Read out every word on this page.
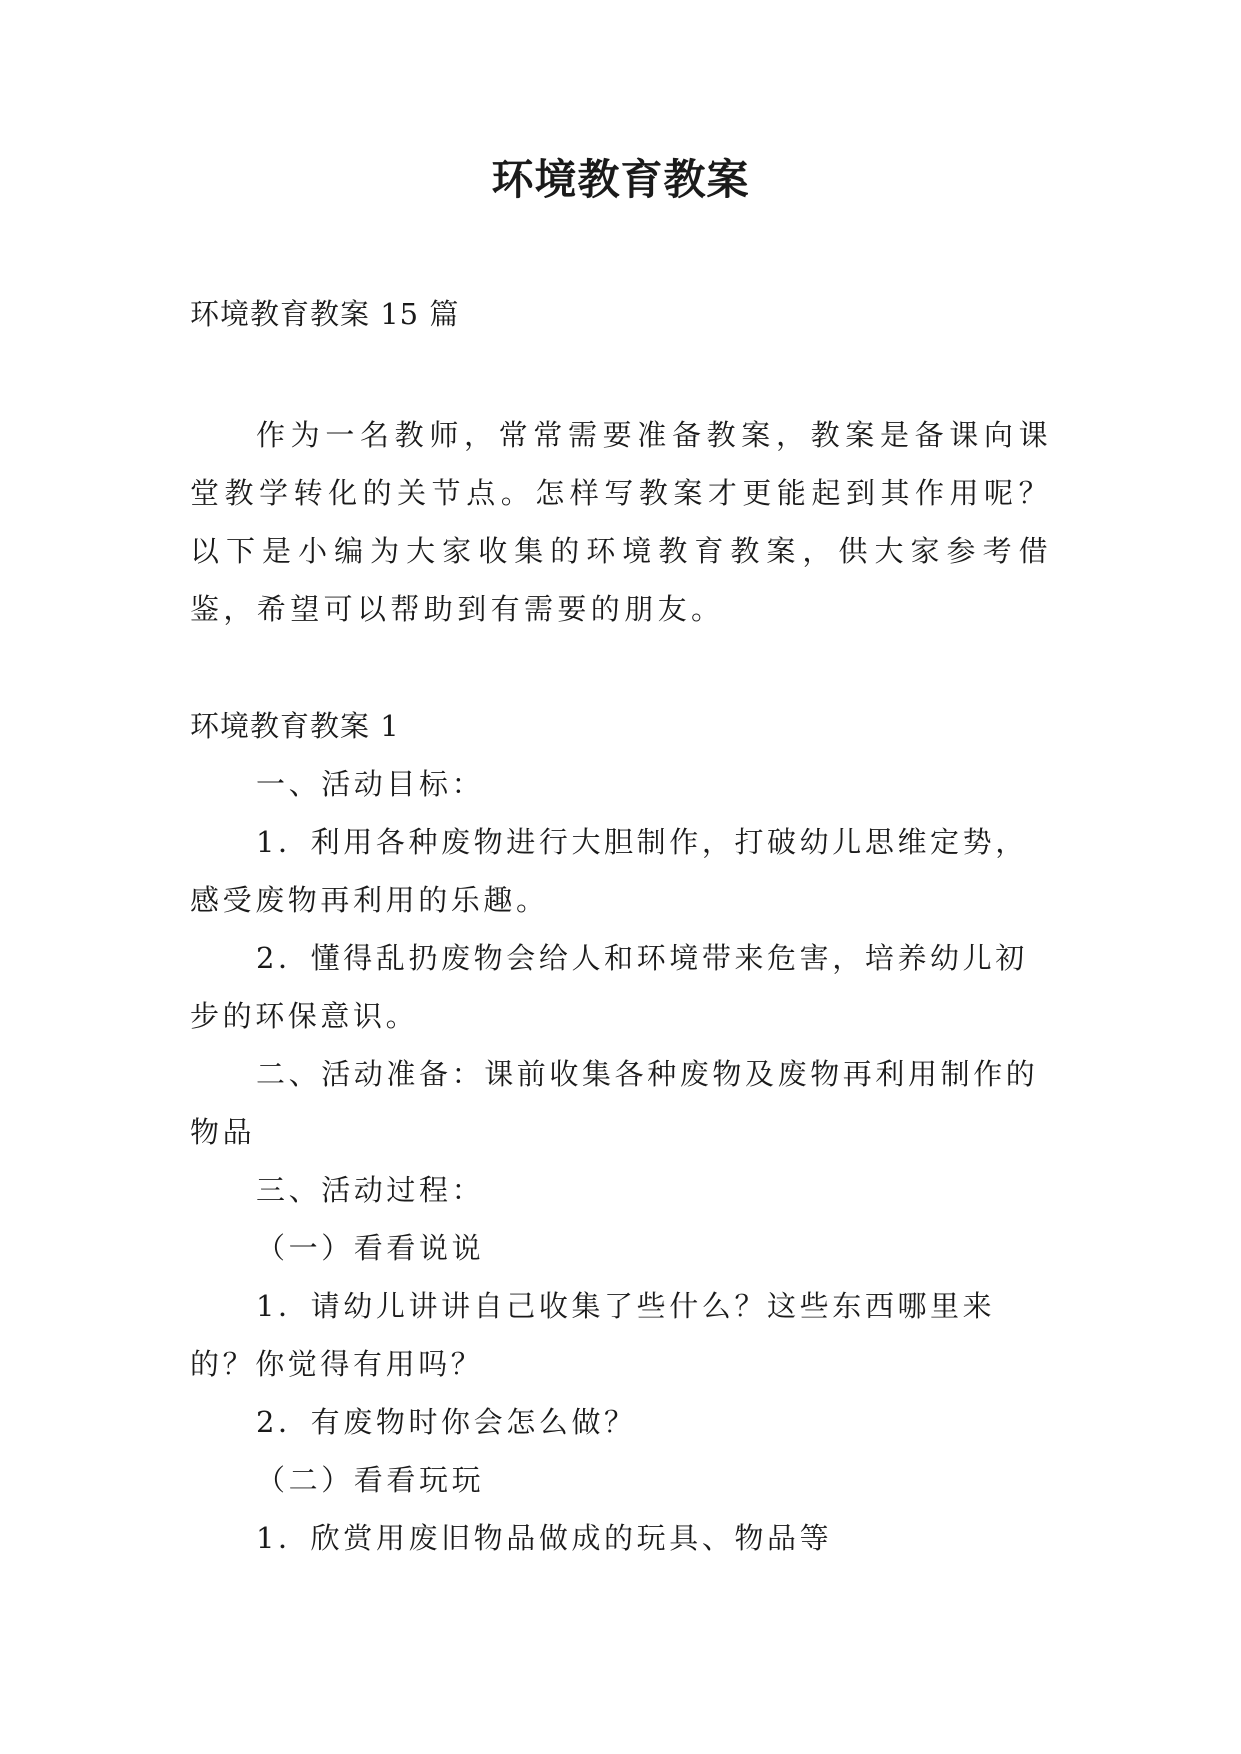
环境教育教案
环境教育教案 15 篇
作为一名教师，常常需要准备教案，教案是备课向课堂教学转化的关节点。怎样写教案才更能起到其作用呢？以下是小编为大家收集的环境教育教案，供大家参考借鉴，希望可以帮助到有需要的朋友。

环境教育教案 1

一、活动目标：

1．利用各种废物进行大胆制作，打破幼儿思维定势，感受废物再利用的乐趣。

2．懂得乱扔废物会给人和环境带来危害，培养幼儿初步的环保意识。

二、活动准备：课前收集各种废物及废物再利用制作的物品

三、活动过程：

（一）看看说说

1．请幼儿讲讲自己收集了些什么？这些东西哪里来的？你觉得有用吗？

2．有废物时你会怎么做？

（二）看看玩玩

1．欣赏用废旧物品做成的玩具、物品等
